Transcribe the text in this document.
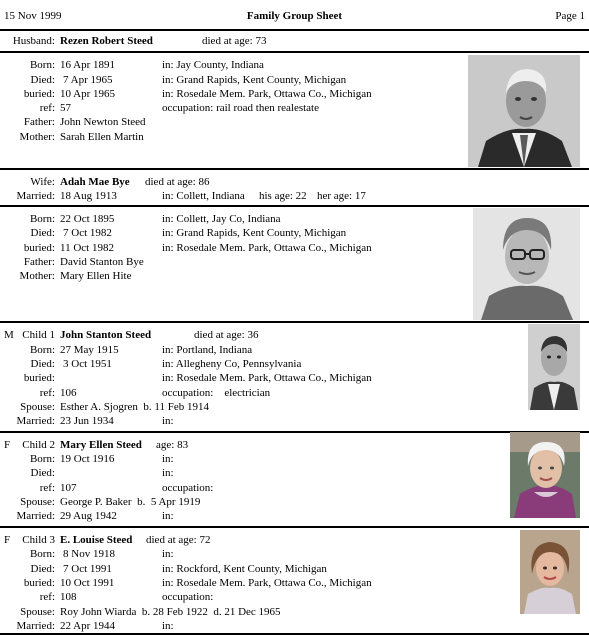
15 Nov 1999	Family Group Sheet	Page 1
Husband: Rezen Robert Steed	died at age: 73
Born: 16 Apr 1891	in: Jay County, Indiana
Died: 7 Apr 1965	in: Grand Rapids, Kent County, Michigan
buried: 10 Apr 1965	in: Rosedale Mem. Park, Ottawa Co., Michigan
ref: 57	occupation: rail road then realestate
Father: John Newton Steed
Mother: Sarah Ellen Martin
Wife: Adah Mae Bye died at age: 86
Married: 18 Aug 1913	in: Collett, Indiana his age: 22 her age: 17
Born: 22 Oct 1895	in: Collett, Jay Co, Indiana
Died: 7 Oct 1982	in: Grand Rapids, Kent County, Michigan
buried: 11 Oct 1982	in: Rosedale Mem. Park, Ottawa Co., Michigan
Father: David Stanton Bye
Mother: Mary Ellen Hite
M Child 1 John Stanton Steed	died at age: 36
Born: 27 May 1915	in: Portland, Indiana
Died: 3 Oct 1951	in: Allegheny Co, Pennsylvania
buried:	in: Rosedale Mem. Park, Ottawa Co., Michigan
ref: 106	occupation:    electrician
Spouse: Esther A. Sjogren  b. 11 Feb 1914
Married: 23 Jun 1934	in:
F	Child 2 Mary Ellen Steed age: 83
Born: 19 Oct 1916	in:
Died:	in:
ref: 107	occupation:
Spouse: George P. Baker  b.  5 Apr 1919
Married: 29 Aug 1942	in:
F	Child 3 E. Louise Steed died at age: 72
Born: 8 Nov 1918	in:
Died: 7 Oct 1991	in: Rockford, Kent County, Michigan
buried: 10 Oct 1991	in: Rosedale Mem. Park, Ottawa Co., Michigan
ref: 108	occupation:
Spouse: Roy John Wiarda  b. 28 Feb 1922  d. 21 Dec 1965
Married: 22 Apr 1944	in:
